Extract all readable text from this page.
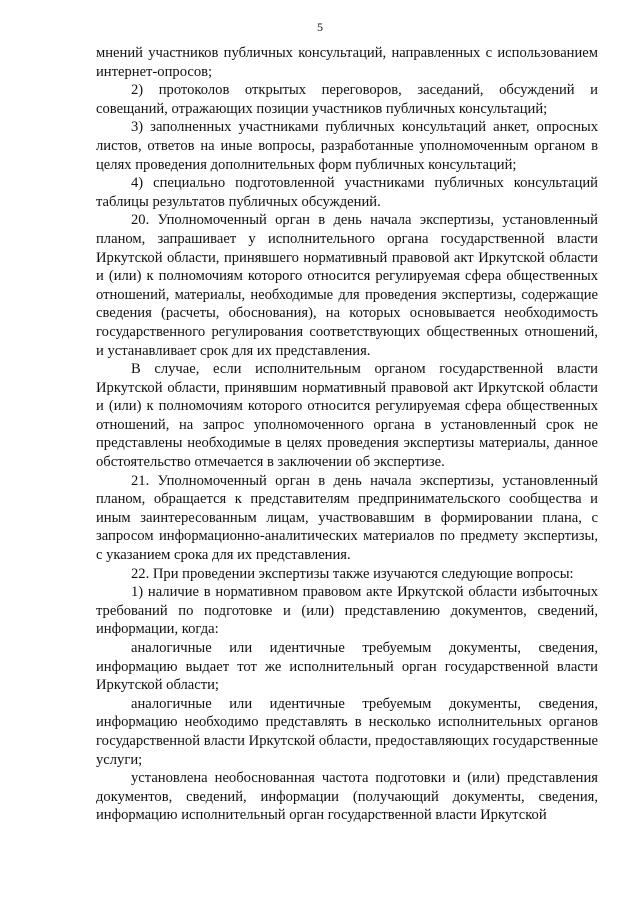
5

мнений участников публичных консультаций, направленных с использованием интернет-опросов;

2) протоколов открытых переговоров, заседаний, обсуждений и совещаний, отражающих позиции участников публичных консультаций;

3) заполненных участниками публичных консультаций анкет, опросных листов, ответов на иные вопросы, разработанные уполномоченным органом в целях проведения дополнительных форм публичных консультаций;

4) специально подготовленной участниками публичных консультаций таблицы результатов публичных обсуждений.

20. Уполномоченный орган в день начала экспертизы, установленный планом, запрашивает у исполнительного органа государственной власти Иркутской области, принявшего нормативный правовой акт Иркутской области и (или) к полномочиям которого относится регулируемая сфера общественных отношений, материалы, необходимые для проведения экспертизы, содержащие сведения (расчеты, обоснования), на которых основывается необходимость государственного регулирования соответствующих общественных отношений, и устанавливает срок для их представления.

В случае, если исполнительным органом государственной власти Иркутской области, принявшим нормативный правовой акт Иркутской области и (или) к полномочиям которого относится регулируемая сфера общественных отношений, на запрос уполномоченного органа в установленный срок не представлены необходимые в целях проведения экспертизы материалы, данное обстоятельство отмечается в заключении об экспертизе.

21. Уполномоченный орган в день начала экспертизы, установленный планом, обращается к представителям предпринимательского сообщества и иным заинтересованным лицам, участвовавшим в формировании плана, с запросом информационно-аналитических материалов по предмету экспертизы, с указанием срока для их представления.

22. При проведении экспертизы также изучаются следующие вопросы:

1) наличие в нормативном правовом акте Иркутской области избыточных требований по подготовке и (или) представлению документов, сведений, информации, когда:

аналогичные или идентичные требуемым документы, сведения, информацию выдает тот же исполнительный орган государственной власти Иркутской области;

аналогичные или идентичные требуемым документы, сведения, информацию необходимо представлять в несколько исполнительных органов государственной власти Иркутской области, предоставляющих государственные услуги;

установлена необоснованная частота подготовки и (или) представления документов, сведений, информации (получающий документы, сведения, информацию исполнительный орган государственной власти Иркутской
